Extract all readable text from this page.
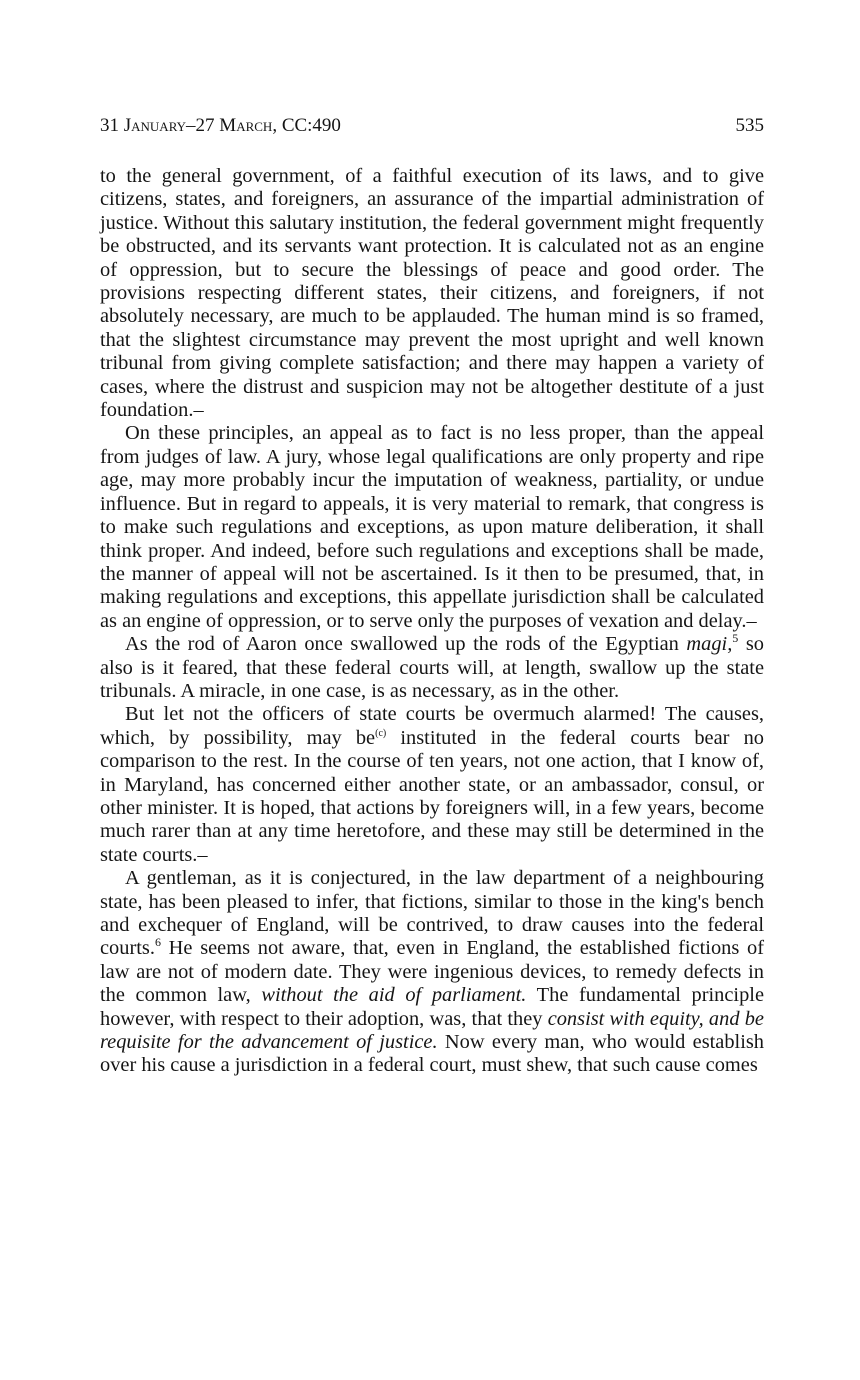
31 January–27 March, CC:490	535

to the general government, of a faithful execution of its laws, and to give citizens, states, and foreigners, an assurance of the impartial administration of justice. Without this salutary institution, the federal government might frequently be obstructed, and its servants want protection. It is calculated not as an engine of oppression, but to secure the blessings of peace and good order. The provisions respecting different states, their citizens, and foreigners, if not absolutely necessary, are much to be applauded. The human mind is so framed, that the slightest circumstance may prevent the most upright and well known tribunal from giving complete satisfaction; and there may happen a variety of cases, where the distrust and suspicion may not be altogether destitute of a just foundation.–

On these principles, an appeal as to fact is no less proper, than the appeal from judges of law. A jury, whose legal qualifications are only property and ripe age, may more probably incur the imputation of weakness, partiality, or undue influence. But in regard to appeals, it is very material to remark, that congress is to make such regulations and exceptions, as upon mature deliberation, it shall think proper. And indeed, before such regulations and exceptions shall be made, the manner of appeal will not be ascertained. Is it then to be presumed, that, in making regulations and exceptions, this appellate jurisdiction shall be calculated as an engine of oppression, or to serve only the purposes of vexation and delay.–

As the rod of Aaron once swallowed up the rods of the Egyptian magi,$^5$ so also is it feared, that these federal courts will, at length, swallow up the state tribunals. A miracle, in one case, is as necessary, as in the other.

But let not the officers of state courts be overmuch alarmed! The causes, which, by possibility, may be$^{(c)}$ instituted in the federal courts bear no comparison to the rest. In the course of ten years, not one action, that I know of, in Maryland, has concerned either another state, or an ambassador, consul, or other minister. It is hoped, that actions by foreigners will, in a few years, become much rarer than at any time heretofore, and these may still be determined in the state courts.–

A gentleman, as it is conjectured, in the law department of a neighbouring state, has been pleased to infer, that fictions, similar to those in the king's bench and exchequer of England, will be contrived, to draw causes into the federal courts.$^6$ He seems not aware, that, even in England, the established fictions of law are not of modern date. They were ingenious devices, to remedy defects in the common law, without the aid of parliament. The fundamental principle however, with respect to their adoption, was, that they consist with equity, and be requisite for the advancement of justice. Now every man, who would establish over his cause a jurisdiction in a federal court, must shew, that such cause comes
